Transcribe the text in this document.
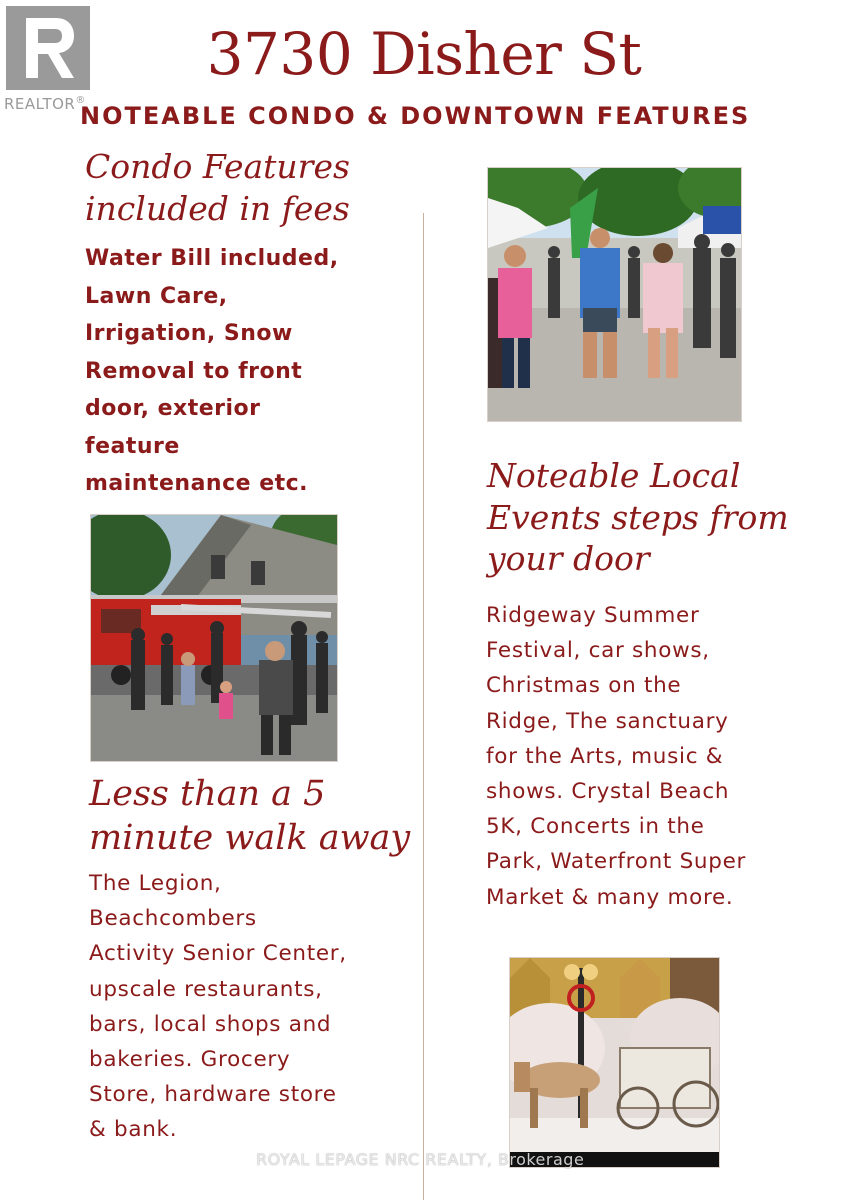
REALTOR®
3730 Disher St
NOTEABLE CONDO & DOWNTOWN FEATURES
Condo Features
included in fees
Water Bill included,
Lawn Care,
Irrigation, Snow
Removal to front
door, exterior
feature
maintenance etc.
Less than a 5
minute walk away
The Legion,
Beachcombers
Activity Senior Center,
upscale restaurants,
bars, local shops and
bakeries. Grocery
Store, hardware store
& bank.
Noteable Local
Events steps from
your door
Ridgeway Summer
Festival, car shows,
Christmas on the
Ridge, The sanctuary
for the Arts, music &
shows. Crystal Beach
5K, Concerts in the
Park, Waterfront Super
Market & many more.
ROYAL LEPAGE NRC REALTY, Brokerage
